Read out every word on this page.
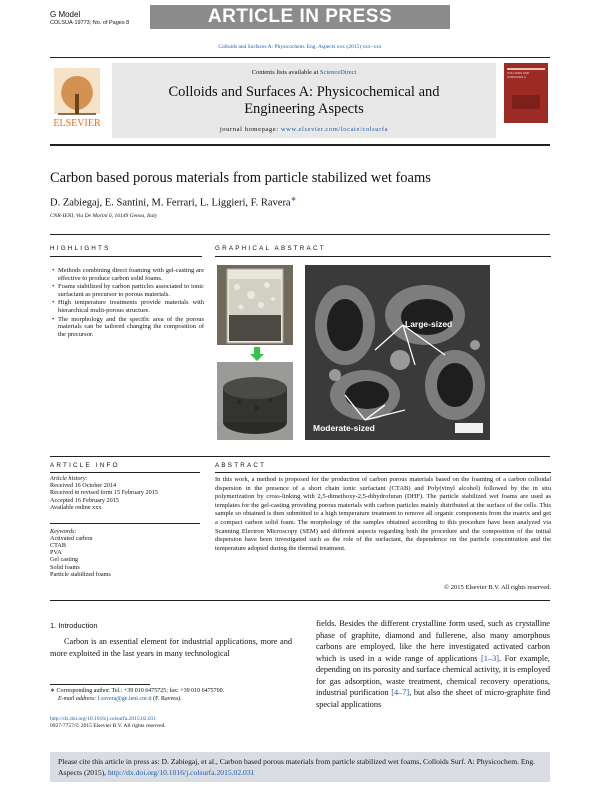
G Model
COLSUA-19773; No. of Pages 8	ARTICLE IN PRESS
Colloids and Surfaces A: Physicochem. Eng. Aspects xxx (2015) xxx–xxx
ELSEVIER
Contents lists available at ScienceDirect
Colloids and Surfaces A: Physicochemical and
Engineering Aspects
journal homepage: www.elsevier.com/locate/colsurfa
COLLOIDS AND SURFACES A
Carbon based porous materials from particle stabilized wet foams
D. Zabiegaj, E. Santini, M. Ferrari, L. Liggieri, F. Ravera∗
CNR-IENI, Via De Marini 6, 16149 Genoa, Italy
HIGHLIGHTS	GRAPHICAL ABSTRACT
• Methods combining direct foaming with gel-casting are effective to produce carbon solid foams.
• Foams stabilized by carbon particles associated to ionic surfactant as precursor to porous materials.
• High temperature treatments provide materials with hierarchical multi-porous structure.
• The morphology and the specific area of the porous materials can be tailored changing the composition of the precursor.
Large-sized
Moderate-sized
ARTICLE INFO
Article history:
Received 16 October 2014
Received in revised form 15 February 2015
Accepted 16 February 2015
Available online xxx
Keywords:
Activated carbon
CTAB
PVA
Gel casting
Solid foams
Particle stabilized foams
ABSTRACT
In this work, a method is proposed for the production of carbon porous materials based on the foaming of a carbon colloidal dispersion in the presence of a short chain ionic surfactant (CTAB) and Poly(vinyl alcohol) followed by the in situ polymerization by cross-linking with 2,5-dimethoxy-2,5-dihydrofuran (DHF). The particle stabilized wet foams are used as templates for the gel-casting providing porous materials with carbon particles mainly distributed at the surface of the cells. This sample so obtained is then submitted to a high temperature treatment to remove all organic components from the matrix and get a compact carbon solid foam. The morphology of the samples obtained according to this procedure have been analyzed via Scanning Electron Microscopy (SEM) and different aspects regarding both the procedure and the composition of the initial dispersion have been investigated such as the role of the surfactant, the dependence on the particle concentration and the temperature adopted during the thermal treatment.
© 2015 Elsevier B.V. All rights reserved.
1. Introduction
Carbon is an essential element for industrial applications, more and more exploited in the last years in many technological
fields. Besides the different crystalline form used, such as crystalline phase of graphite, diamond and fullerene, also many amorphous carbons are employed, like the here investigated activated carbon which is used in a wide range of applications [1–3]. For example, depending on its porosity and surface chemical activity, it is employed for gas adsorption, waste treatment, chemical recovery operations, industrial purification [4–7], but also the sheet of micro-graphite find special applications
∗ Corresponding author. Tel.: +39 010 6475725; fax: +39 010 6475700.
E-mail address: f.ravera@ge.ieni.cnr.it (F. Ravera).
http://dx.doi.org/10.1016/j.colsurfa.2015.02.031
0927-7757/© 2015 Elsevier B.V. All rights reserved.
Please cite this article in press as: D. Zabiegaj, et al., Carbon based porous materials from particle stabilized wet foams, Colloids Surf. A: Physicochem. Eng. Aspects (2015), http://dx.doi.org/10.1016/j.colsurfa.2015.02.031
